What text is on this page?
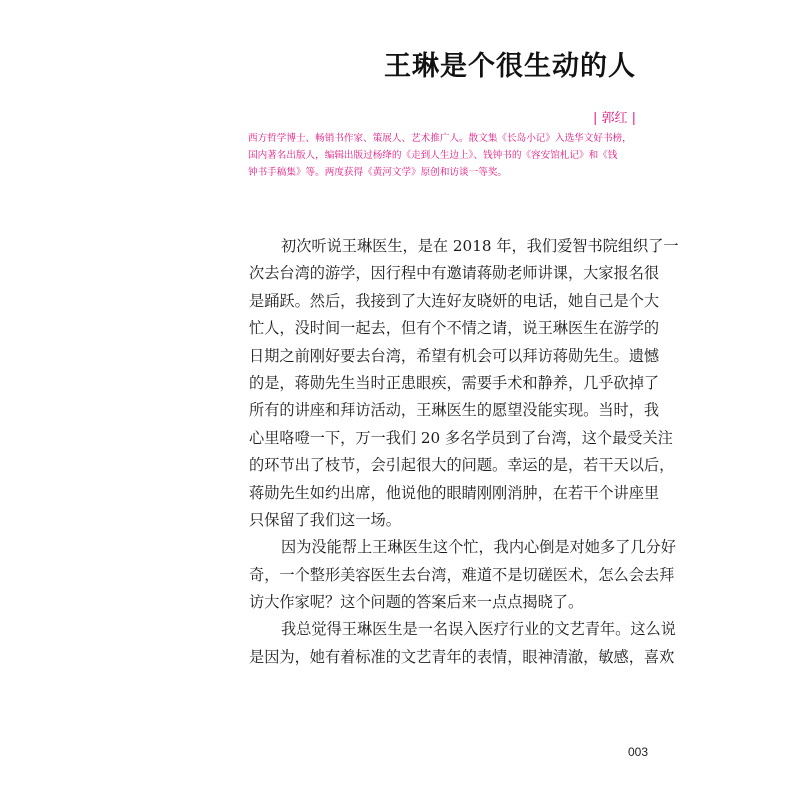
王琳是个很生动的人
| 郭红 |
西方哲学博士、畅销书作家、策展人、艺术推广人。散文集《长岛小记》入选华文好书榜，
国内著名出版人，编辑出版过杨绛的《走到人生边上》、钱钟书的《容安馆札记》和《钱
钟书手稿集》等。两度获得《黄河文学》原创和访谈一等奖。
初次听说王琳医生，是在 2018 年，我们爱智书院组织了一
次去台湾的游学，因行程中有邀请蒋勋老师讲课，大家报名很
是踊跃。然后，我接到了大连好友晓妍的电话，她自己是个大
忙人，没时间一起去，但有个不情之请，说王琳医生在游学的
日期之前刚好要去台湾，希望有机会可以拜访蒋勋先生。遗憾
的是，蒋勋先生当时正患眼疾，需要手术和静养，几乎砍掉了
所有的讲座和拜访活动，王琳医生的愿望没能实现。当时，我
心里咯噔一下，万一我们 20 多名学员到了台湾，这个最受关注
的环节出了枝节，会引起很大的问题。幸运的是，若干天以后，
蒋勋先生如约出席，他说他的眼睛刚刚消肿，在若干个讲座里
只保留了我们这一场。
因为没能帮上王琳医生这个忙，我内心倒是对她多了几分好
奇，一个整形美容医生去台湾，难道不是切磋医术，怎么会去拜
访大作家呢？这个问题的答案后来一点点揭晓了。
我总觉得王琳医生是一名误入医疗行业的文艺青年。这么说
是因为，她有着标准的文艺青年的表情，眼神清澈，敏感，喜欢
003
